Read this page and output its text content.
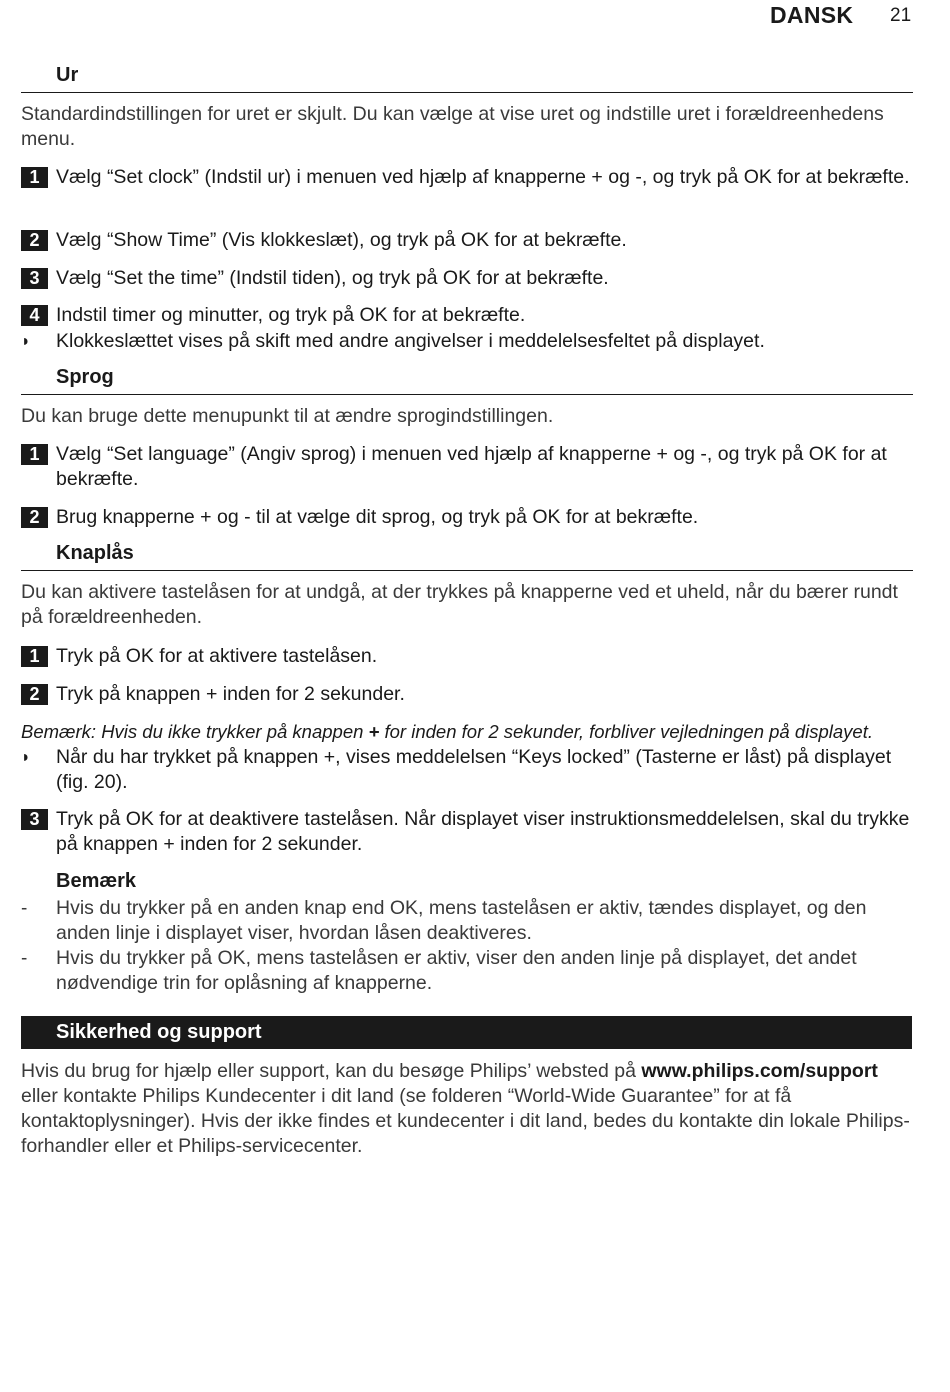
DANSK 21
Ur
Standardindstillingen for uret er skjult. Du kan vælge at vise uret og indstille uret i forældreenhedens menu.
1 Vælg “Set clock” (Indstil ur) i menuen ved hjælp af knapperne + og -, og tryk på OK for at bekræfte.
2 Vælg “Show Time” (Vis klokkeslæt), og tryk på OK for at bekræfte.
3 Vælg “Set the time” (Indstil tiden), og tryk på OK for at bekræfte.
4 Indstil timer og minutter, og tryk på OK for at bekræfte.
◗ Klokkeslættet vises på skift med andre angivelser i meddelelsesfeltet på displayet.
Sprog
Du kan bruge dette menupunkt til at ændre sprogindstillingen.
1 Vælg “Set language” (Angiv sprog) i menuen ved hjælp af knapperne + og -, og tryk på OK for at bekræfte.
2 Brug knapperne + og - til at vælge dit sprog, og tryk på OK for at bekræfte.
Knaplås
Du kan aktivere tastelåsen for at undgå, at der trykkes på knapperne ved et uheld, når du bærer rundt på forældreenheden.
1 Tryk på OK for at aktivere tastelåsen.
2 Tryk på knappen + inden for 2 sekunder.
Bemærk: Hvis du ikke trykker på knappen + for inden for 2 sekunder, forbliver vejledningen på displayet.
◗ Når du har trykket på knappen +, vises meddelelsen “Keys locked” (Tasterne er låst) på displayet (fig. 20).
3 Tryk på OK for at deaktivere tastelåsen. Når displayet viser instruktionsmeddelelsen, skal du trykke på knappen + inden for 2 sekunder.
Bemærk
- Hvis du trykker på en anden knap end OK, mens tastelåsen er aktiv, tændes displayet, og den anden linje i displayet viser, hvordan låsen deaktiveres.
- Hvis du trykker på OK, mens tastelåsen er aktiv, viser den anden linje på displayet, det andet nødvendige trin for oplåsning af knapperne.
Sikkerhed og support
Hvis du brug for hjælp eller support, kan du besøge Philips’ websted på www.philips.com/support eller kontakte Philips Kundecenter i dit land (se folderen “World-Wide Guarantee” for at få kontaktoplysninger). Hvis der ikke findes et kundecenter i dit land, bedes du kontakte din lokale Philips-forhandler eller et Philips-servicecenter.
